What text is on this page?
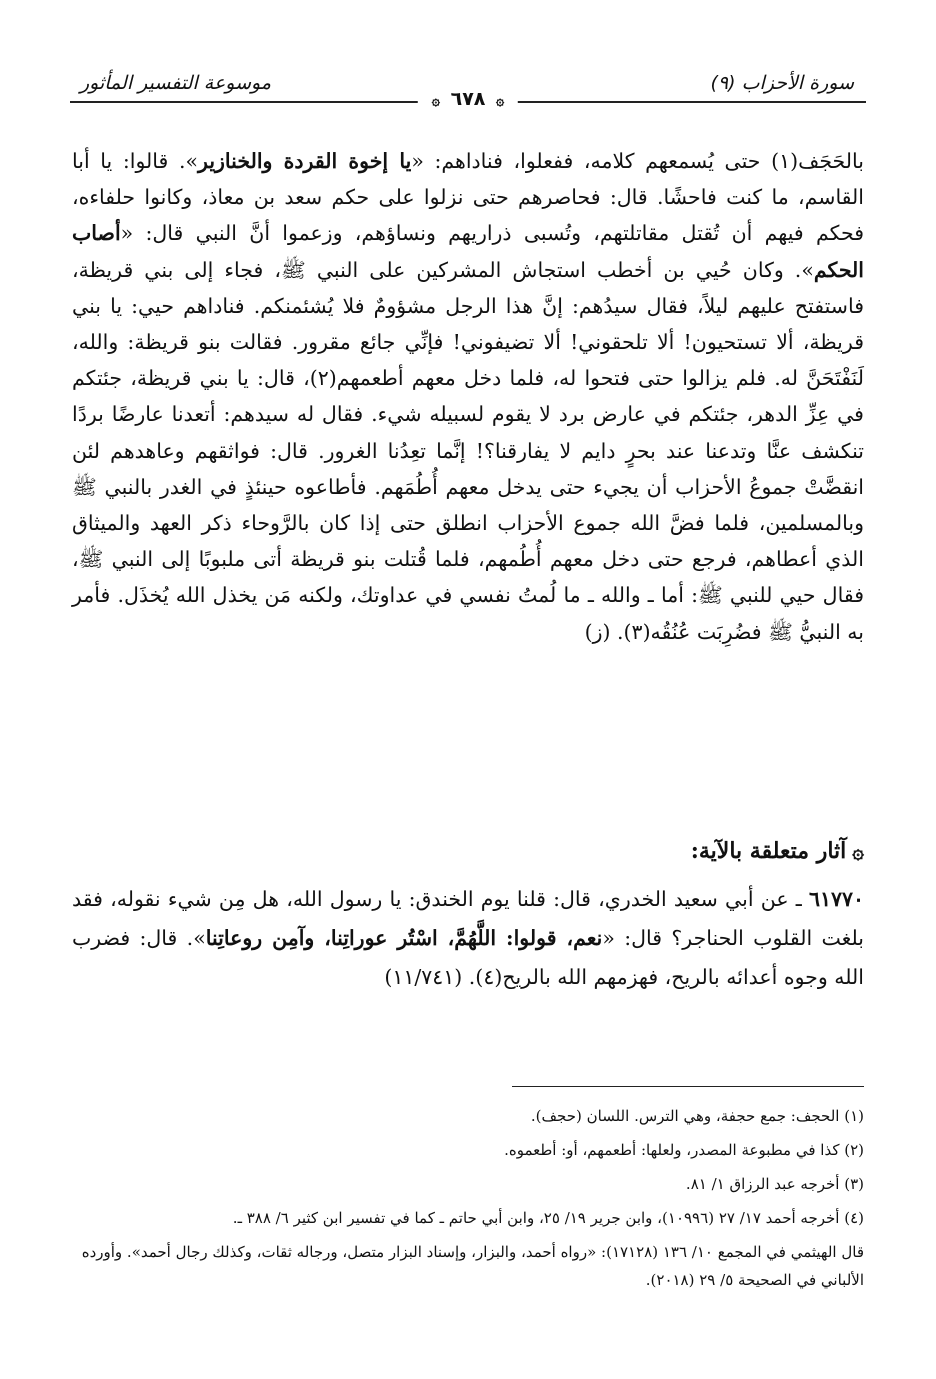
سورة الأحزاب (٩)
موسوعة التفسير المأثور
۞ ٦٧٨ ۞

بالحَجَف(١) حتى يُسمعهم كلامه، ففعلوا، فناداهم: «يا إخوة القردة والخنازير». قالوا: يا أبا القاسم، ما كنت فاحشًا. قال: فحاصرهم حتى نزلوا على حكم سعد بن معاذ، وكانوا حلفاءه، فحكم فيهم أن تُقتل مقاتلتهم، وتُسبى ذراريهم ونساؤهم، وزعموا أنَّ النبي قال: «أصاب الحكم». وكان حُيي بن أخطب استجاش المشركين على النبي ﷺ، فجاء إلى بني قريظة، فاستفتح عليهم ليلاً، فقال سيدُهم: إنَّ هذا الرجل مشؤومٌ فلا يُشئمنكم. فناداهم حيي: يا بني قريظة، ألا تستحيون! ألا تلحقوني! ألا تضيفوني! فإنِّي جائع مقرور. فقالت بنو قريظة: والله، لَنَفْتَحَنَّ له. فلم يزالوا حتى فتحوا له، فلما دخل معهم أطعمهم(٢)، قال: يا بني قريظة، جئتكم في عِزِّ الدهر، جئتكم في عارض برد لا يقوم لسبيله شيء. فقال له سيدهم: أتعدنا عارضًا بردًا تنكشف عنَّا وتدعنا عند بحرٍ دايم لا يفارقنا؟! إنَّما تعِدُنا الغرور. قال: فواثقهم وعاهدهم لئن انقضَّتْ جموعُ الأحزاب أن يجيء حتى يدخل معهم أُطُمَهم. فأطاعوه حينئذٍ في الغدر بالنبي ﷺ وبالمسلمين، فلما فضَّ الله جموع الأحزاب انطلق حتى إذا كان بالرَّوحاء ذكر العهد والميثاق الذي أعطاهم، فرجع حتى دخل معهم أُطُمهم، فلما قُتلت بنو قريظة أتى ملبوبًا إلى النبي ﷺ، فقال حيي للنبي ﷺ: أما ـ والله ـ ما لُمتُ نفسي في عداوتك، ولكنه مَن يخذل الله يُخذَل. فأمر به النبيُّ ﷺ فضُرِبَت عُنُقُه(٣). (ز)

۞آثار متعلقة بالآية:

٦١٧٧٠ ـ عن أبي سعيد الخدري، قال: قلنا يوم الخندق: يا رسول الله، هل مِن شيء نقوله، فقد بلغت القلوب الحناجر؟ قال: «نعم، قولوا: اللَّهُمَّ، اسْتُر عوراتِنا، وآمِن روعاتِنا». قال: فضرب الله وجوه أعدائه بالريح، فهزمهم الله بالريح(٤). (١١/٧٤١)

(١) الحجف: جمع حجفة، وهي الترس. اللسان (حجف).

(٢) كذا في مطبوعة المصدر، ولعلها: أطعمهم، أو: أطعموه.

(٣) أخرجه عبد الرزاق ١/ ٨١.

(٤) أخرجه أحمد ١٧/ ٢٧ (١٠٩٩٦)، وابن جرير ١٩/ ٢٥، وابن أبي حاتم ـ كما في تفسير ابن كثير ٦/ ٣٨٨ ـ.

قال الهيثمي في المجمع ١٠/ ١٣٦ (١٧١٢٨): «رواه أحمد، والبزار، وإسناد البزار متصل، ورجاله ثقات، وكذلك رجال أحمد». وأورده الألباني في الصحيحة ٥/ ٢٩ (٢٠١٨).
